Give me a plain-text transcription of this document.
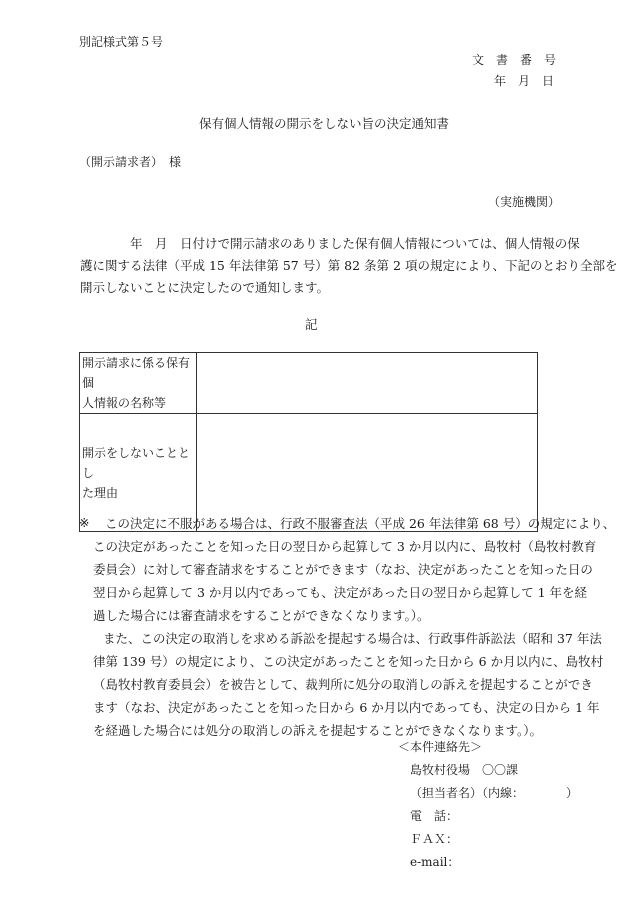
別記様式第５号
文　書　番　号
年　月　日
保有個人情報の開示をしない旨の決定通知書
（開示請求者）　様
（実施機関）
　　　　年　月　日付けで開示請求のありました保有個人情報については、個人情報の保
護に関する法律（平成 15 年法律第 57 号）第 82 条第 2 項の規定により、下記のとおり全部を
開示しないことに決定したので通知します。
記
開示請求に係る保有個
人情報の名称等	

開示をしないこととし
た理由	

※	この決定に不服がある場合は、行政不服審査法（平成 26 年法律第 68 号）の規定により、
この決定があったことを知った日の翌日から起算して 3 か月以内に、島牧村（島牧村教育
委員会）に対して審査請求をすることができます（なお、決定があったことを知った日の
翌日から起算して 3 か月以内であっても、決定があった日の翌日から起算して 1 年を経
過した場合には審査請求をすることができなくなります。）。
また、この決定の取消しを求める訴訟を提起する場合は、行政事件訴訟法（昭和 37 年法
律第 139 号）の規定により、この決定があったことを知った日から 6 か月以内に、島牧村
（島牧村教育委員会）を被告として、裁判所に処分の取消しの訴えを提起することができ
ます（なお、決定があったことを知った日から 6 か月以内であっても、決定の日から 1 年
を経過した場合には処分の取消しの訴えを提起することができなくなります。）。
＜本件連絡先＞
島牧村役場　〇〇課
（担当者名）（内線：　　　　）
電　話：
ＦＡＸ：
e-mail：
